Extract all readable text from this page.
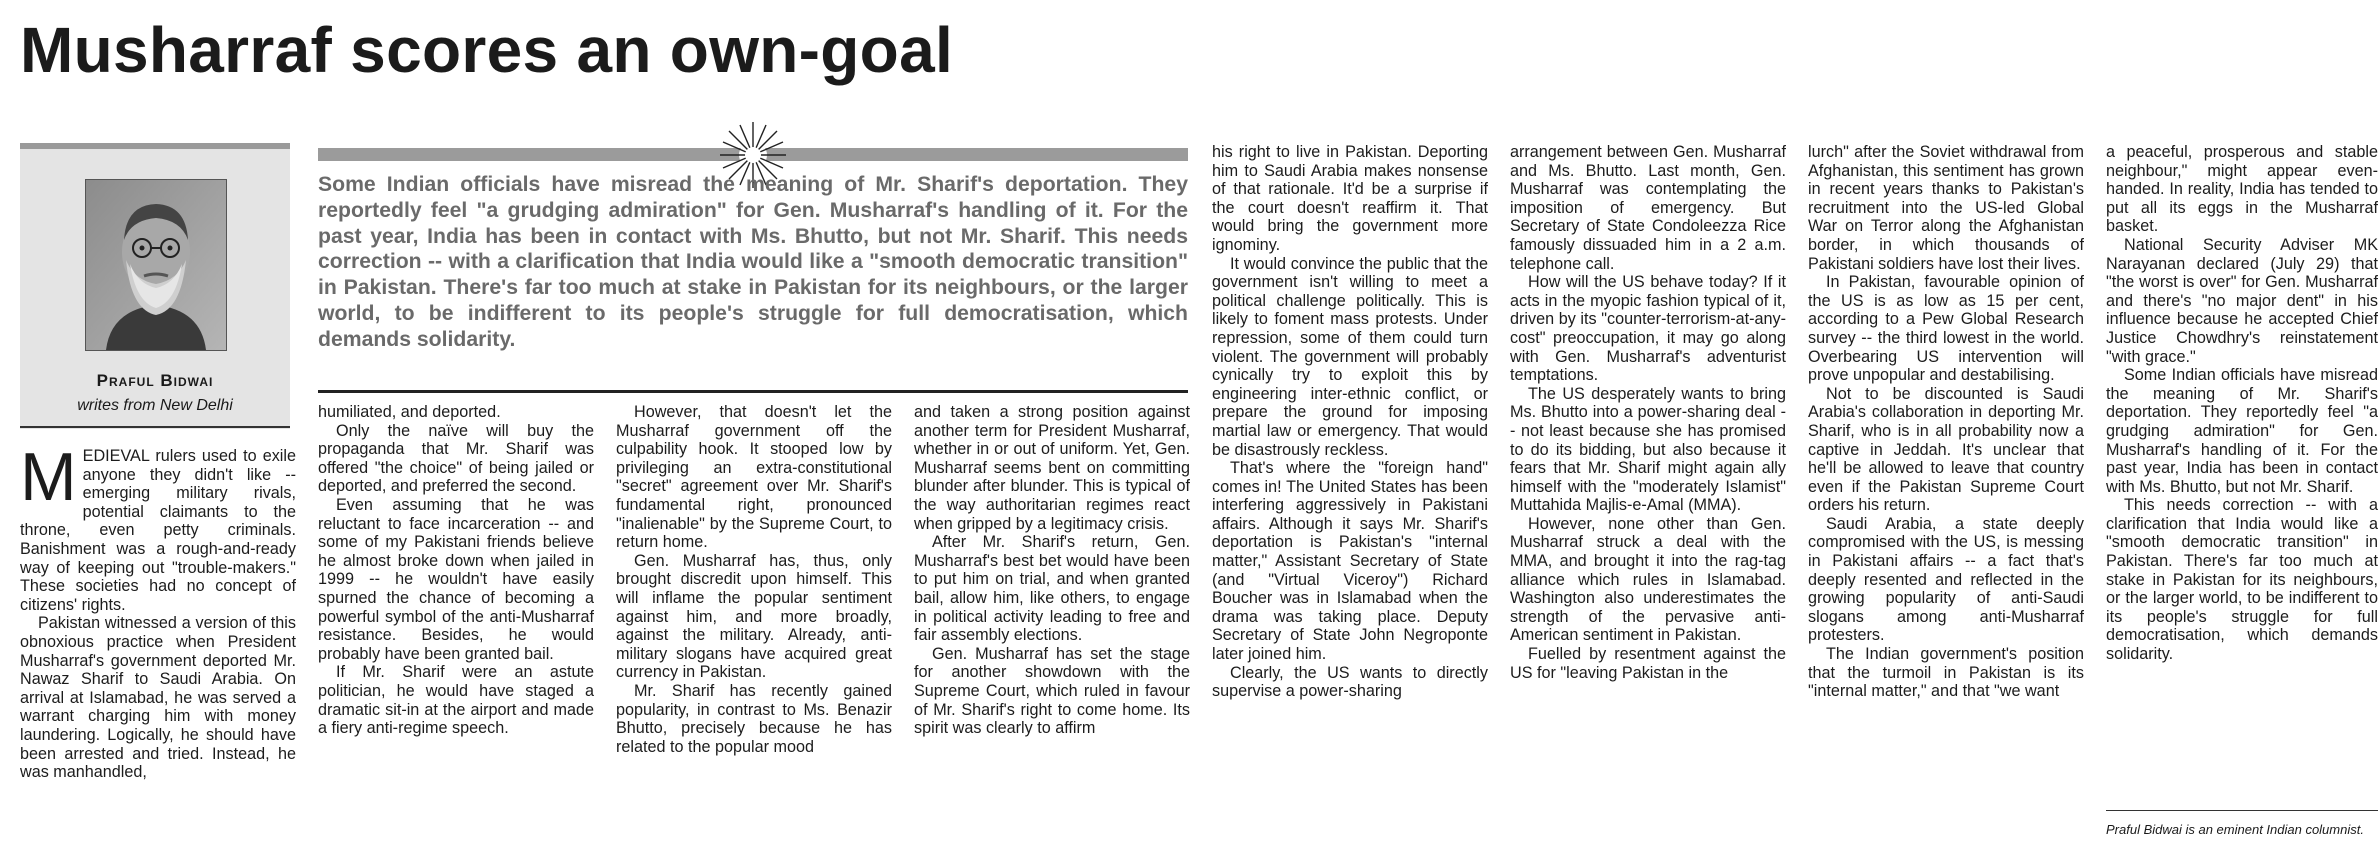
Musharraf scores an own-goal
Praful Bidwai
writes from New Delhi

Some Indian officials have misread the meaning of Mr. Sharif's deportation. They reportedly feel "a grudging admiration" for Gen. Musharraf's handling of it. For the past year, India has been in contact with Ms. Bhutto, but not Mr. Sharif. This needs correction -- with a clarification that India would like a "smooth democratic transition" in Pakistan. There's far too much at stake in Pakistan for its neighbours, or the larger world, to be indifferent to its people's struggle for full democratisation, which demands solidarity.

MEDIEVAL rulers used to exile anyone they didn't like -- emerging military rivals, potential claimants to the throne, even petty criminals. Banishment was a rough-and-ready way of keeping out "trouble-makers." These societies had no concept of citizens' rights.

Pakistan witnessed a version of this obnoxious practice when President Musharraf's government deported Mr. Nawaz Sharif to Saudi Arabia. On arrival at Islamabad, he was served a warrant charging him with money laundering. Logically, he should have been arrested and tried. Instead, he was manhandled,

humiliated, and deported.

Only the naïve will buy the propaganda that Mr. Sharif was offered "the choice" of being jailed or deported, and preferred the second.

Even assuming that he was reluctant to face incarceration -- and some of my Pakistani friends believe he almost broke down when jailed in 1999 -- he wouldn't have easily spurned the chance of becoming a powerful symbol of the anti-Musharraf resistance. Besides, he would probably have been granted bail.

If Mr. Sharif were an astute politician, he would have staged a dramatic sit-in at the airport and made a fiery anti-regime speech.

However, that doesn't let the Musharraf government off the culpability hook. It stooped low by privileging an extra-constitutional "secret" agreement over Mr. Sharif's fundamental right, pronounced "inalienable" by the Supreme Court, to return home.

Gen. Musharraf has, thus, only brought discredit upon himself. This will inflame the popular sentiment against him, and more broadly, against the military. Already, anti-military slogans have acquired great currency in Pakistan.

Mr. Sharif has recently gained popularity, in contrast to Ms. Benazir Bhutto, precisely because he has related to the popular mood

and taken a strong position against another term for President Musharraf, whether in or out of uniform. Yet, Gen. Musharraf seems bent on committing blunder after blunder. This is typical of the way authoritarian regimes react when gripped by a legitimacy crisis.

After Mr. Sharif's return, Gen. Musharraf's best bet would have been to put him on trial, and when granted bail, allow him, like others, to engage in political activity leading to free and fair assembly elections.

Gen. Musharraf has set the stage for another showdown with the Supreme Court, which ruled in favour of Mr. Sharif's right to come home. Its spirit was clearly to affirm

his right to live in Pakistan. Deporting him to Saudi Arabia makes nonsense of that rationale. It'd be a surprise if the court doesn't reaffirm it. That would bring the government more ignominy.

It would convince the public that the government isn't willing to meet a political challenge politically. This is likely to foment mass protests. Under repression, some of them could turn violent. The government will probably cynically try to exploit this by engineering inter-ethnic conflict, or prepare the ground for imposing martial law or emergency. That would be disastrously reckless.

That's where the "foreign hand" comes in! The United States has been interfering aggressively in Pakistani affairs. Although it says Mr. Sharif's deportation is Pakistan's "internal matter," Assistant Secretary of State (and "Virtual Viceroy") Richard Boucher was in Islamabad when the drama was taking place. Deputy Secretary of State John Negroponte later joined him.

Clearly, the US wants to directly supervise a power-sharing

arrangement between Gen. Musharraf and Ms. Bhutto. Last month, Gen. Musharraf was contemplating the imposition of emergency. But Secretary of State Condoleezza Rice famously dissuaded him in a 2 a.m. telephone call.

How will the US behave today? If it acts in the myopic fashion typical of it, driven by its "counter-terrorism-at-any-cost" preoccupation, it may go along with Gen. Musharraf's adventurist temptations.

The US desperately wants to bring Ms. Bhutto into a power-sharing deal -- not least because she has promised to do its bidding, but also because it fears that Mr. Sharif might again ally himself with the "moderately Islamist" Muttahida Majlis-e-Amal (MMA).

However, none other than Gen. Musharraf struck a deal with the MMA, and brought it into the rag-tag alliance which rules in Islamabad. Washington also underestimates the strength of the pervasive anti-American sentiment in Pakistan.

Fuelled by resentment against the US for "leaving Pakistan in the

lurch" after the Soviet withdrawal from Afghanistan, this sentiment has grown in recent years thanks to Pakistan's recruitment into the US-led Global War on Terror along the Afghanistan border, in which thousands of Pakistani soldiers have lost their lives.

In Pakistan, favourable opinion of the US is as low as 15 per cent, according to a Pew Global Research survey -- the third lowest in the world. Overbearing US intervention will prove unpopular and destabilising.

Not to be discounted is Saudi Arabia's collaboration in deporting Mr. Sharif, who is in all probability now a captive in Jeddah. It's unclear that he'll be allowed to leave that country even if the Pakistan Supreme Court orders his return.

Saudi Arabia, a state deeply compromised with the US, is messing in Pakistani affairs -- a fact that's deeply resented and reflected in the growing popularity of anti-Saudi slogans among anti-Musharraf protesters.

The Indian government's position that the turmoil in Pakistan is its "internal matter," and that "we want

a peaceful, prosperous and stable neighbour," might appear even-handed. In reality, India has tended to put all its eggs in the Musharraf basket.

National Security Adviser MK Narayanan declared (July 29) that "the worst is over" for Gen. Musharraf and there's "no major dent" in his influence because he accepted Chief Justice Chowdhry's reinstatement "with grace."

Some Indian officials have misread the meaning of Mr. Sharif's deportation. They reportedly feel "a grudging admiration" for Gen. Musharraf's handling of it. For the past year, India has been in contact with Ms. Bhutto, but not Mr. Sharif.

This needs correction -- with a clarification that India would like a "smooth democratic transition" in Pakistan. There's far too much at stake in Pakistan for its neighbours, or the larger world, to be indifferent to its people's struggle for full democratisation, which demands solidarity.

Praful Bidwai is an eminent Indian columnist.
